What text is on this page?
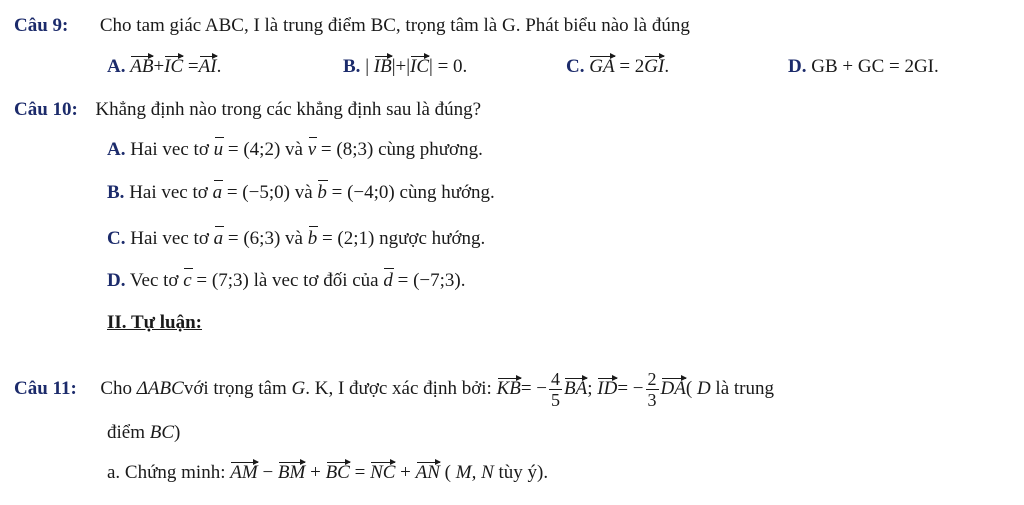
Câu 9: Cho tam giác ABC, I là trung điểm BC, trọng tâm là G. Phát biểu nào là đúng
A. AB+IC =AI.	B. | IB|+|IC| = 0.	C. GA = 2GI.	D. GB + GC = 2GI.
Câu 10: Khẳng định nào trong các khẳng định sau là đúng?
A. Hai vec tơ u = (4;2) và v = (8;3) cùng phương.
B. Hai vec tơ a = (−5;0) và b = (−4;0) cùng hướng.
C. Hai vec tơ a = (6;3) và b = (2;1) ngược hướng.
D. Vec tơ c = (7;3) là vec tơ đối của d = (−7;3).
II. Tự luận:
Câu 11: Cho ΔABCvới trọng tâm G. K, I được xác định bởi: $KB= - \frac{4}{5}$ BA; $ID= - \frac{2}{3} DA$( D là trung
điểm BC)
a. Chứng minh: AM − BM + BC = NC + AN ( M, N tùy ý).
